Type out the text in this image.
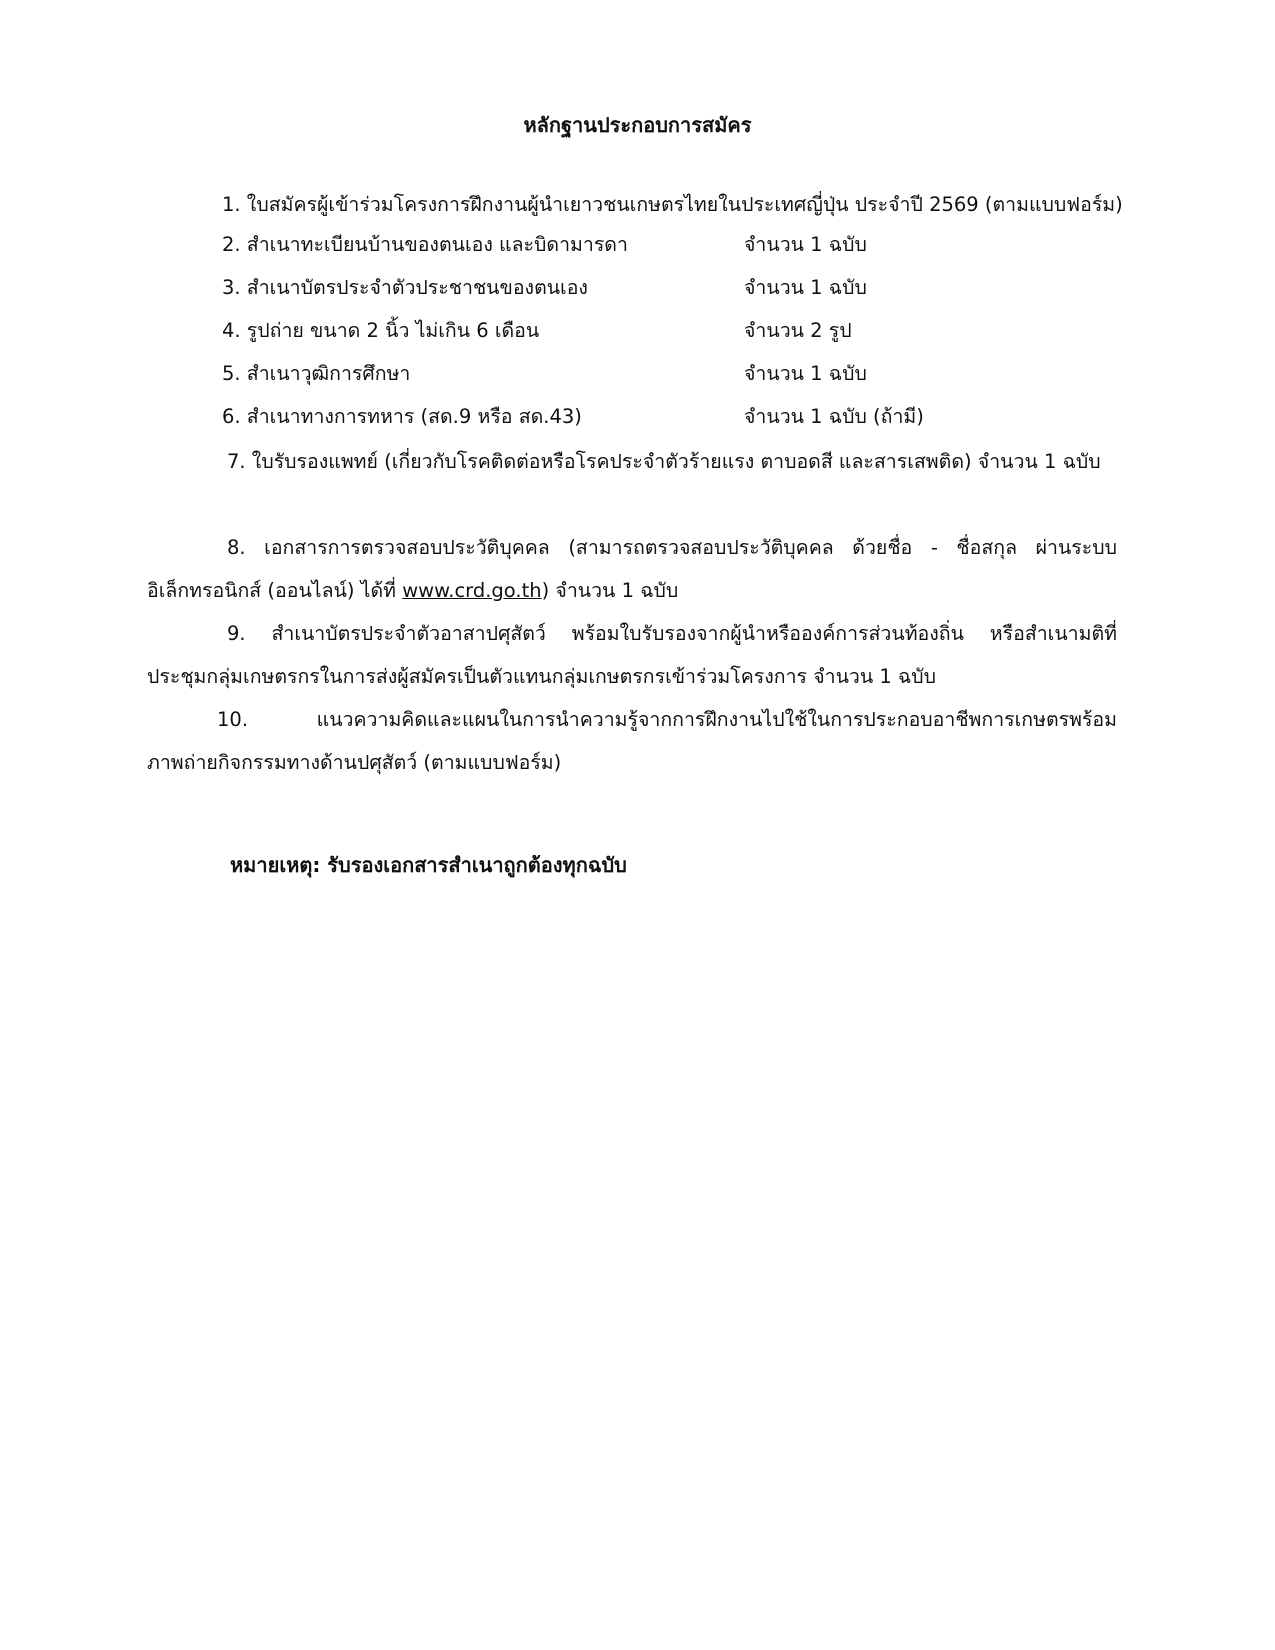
หลักฐานประกอบการสมัคร
1. ใบสมัครผู้เข้าร่วมโครงการฝึกงานผู้นำเยาวชนเกษตรไทยในประเทศญี่ปุ่น ประจำปี 2569 (ตามแบบฟอร์ม)
2. สำเนาทะเบียนบ้านของตนเอง และบิดามารดา	จำนวน 1 ฉบับ
3. สำเนาบัตรประจำตัวประชาชนของตนเอง	จำนวน 1 ฉบับ
4. รูปถ่าย ขนาด 2 นิ้ว ไม่เกิน 6 เดือน	จำนวน 2 รูป
5. สำเนาวุฒิการศึกษา	จำนวน 1 ฉบับ
6. สำเนาทางการทหาร (สด.9 หรือ สด.43)	จำนวน 1 ฉบับ (ถ้ามี)
7. ใบรับรองแพทย์ (เกี่ยวกับโรคติดต่อหรือโรคประจำตัวร้ายแรง ตาบอดสี และสารเสพติด) จำนวน 1 ฉบับ
8. เอกสารการตรวจสอบประวัติบุคคล (สามารถตรวจสอบประวัติบุคคล ด้วยชื่อ - ชื่อสกุล ผ่านระบบอิเล็กทรอนิกส์ (ออนไลน์) ได้ที่ www.crd.go.th) จำนวน 1 ฉบับ
9. สำเนาบัตรประจำตัวอาสาปศุสัตว์ พร้อมใบรับรองจากผู้นำหรือองค์การส่วนท้องถิ่น หรือสำเนามติที่ประชุมกลุ่มเกษตรกรในการส่งผู้สมัครเป็นตัวแทนกลุ่มเกษตรกรเข้าร่วมโครงการ จำนวน 1 ฉบับ
10. แนวความคิดและแผนในการนำความรู้จากการฝึกงานไปใช้ในการประกอบอาชีพการเกษตรพร้อมภาพถ่ายกิจกรรมทางด้านปศุสัตว์ (ตามแบบฟอร์ม)
หมายเหตุ: รับรองเอกสารสำเนาถูกต้องทุกฉบับ
